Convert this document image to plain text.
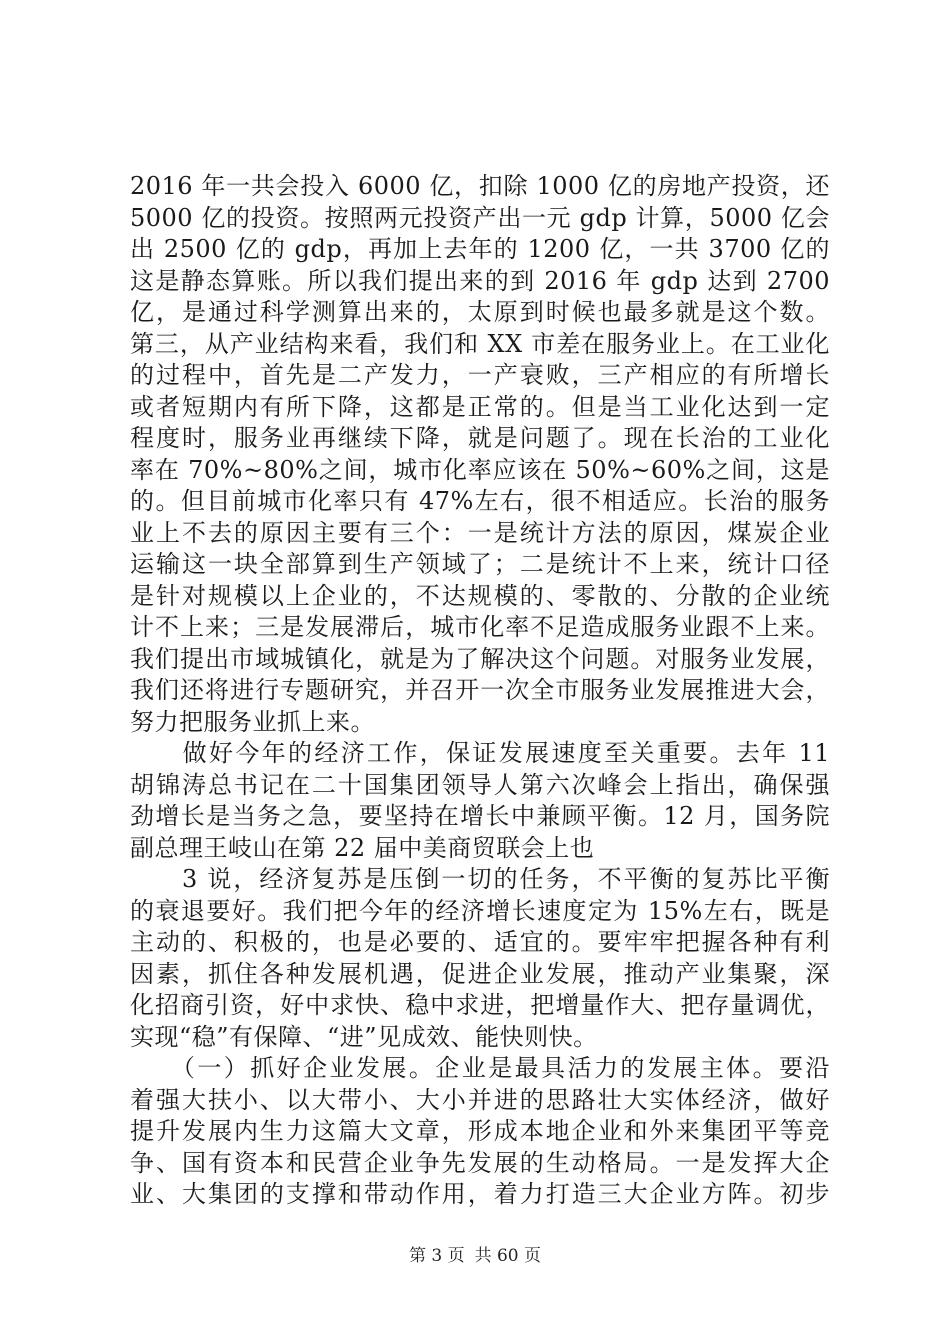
2016 年一共会投入 6000 亿，扣除 1000 亿的房地产投资，还
5000 亿的投资。按照两元投资产出一元 gdp 计算，5000 亿会
出 2500 亿的 gdp，再加上去年的 1200 亿，一共 3700 亿的
这是静态算账。所以我们提出来的到 2016 年 gdp 达到 2700
亿，是通过科学测算出来的，太原到时候也最多就是这个数。
第三，从产业结构来看，我们和 XX 市差在服务业上。在工业化
的过程中，首先是二产发力，一产衰败，三产相应的有所增长
或者短期内有所下降，这都是正常的。但是当工业化达到一定
程度时，服务业再继续下降，就是问题了。现在长治的工业化
率在 70%~80%之间，城市化率应该在 50%~60%之间，这是
的。但目前城市化率只有 47%左右，很不相适应。长治的服务
业上不去的原因主要有三个：一是统计方法的原因，煤炭企业
运输这一块全部算到生产领域了；二是统计不上来，统计口径
是针对规模以上企业的，不达规模的、零散的、分散的企业统
计不上来；三是发展滞后，城市化率不足造成服务业跟不上来。
我们提出市域城镇化，就是为了解决这个问题。对服务业发展，
我们还将进行专题研究，并召开一次全市服务业发展推进大会，
努力把服务业抓上来。
　　做好今年的经济工作，保证发展速度至关重要。去年 11
胡锦涛总书记在二十国集团领导人第六次峰会上指出，确保强
劲增长是当务之急，要坚持在增长中兼顾平衡。12 月，国务院
副总理王岐山在第 22 届中美商贸联会上也
　　3 说，经济复苏是压倒一切的任务，不平衡的复苏比平衡
的衰退要好。我们把今年的经济增长速度定为 15%左右，既是
主动的、积极的，也是必要的、适宜的。要牢牢把握各种有利
因素，抓住各种发展机遇，促进企业发展，推动产业集聚，深
化招商引资，好中求快、稳中求进，把增量作大、把存量调优，
实现“稳”有保障、“进”见成效、能快则快。
　　（一）抓好企业发展。企业是最具活力的发展主体。要沿
着强大扶小、以大带小、大小并进的思路壮大实体经济，做好
提升发展内生力这篇大文章，形成本地企业和外来集团平等竞
争、国有资本和民营企业争先发展的生动格局。一是发挥大企
业、大集团的支撑和带动作用，着力打造三大企业方阵。初步
第 3 页 共 60 页
